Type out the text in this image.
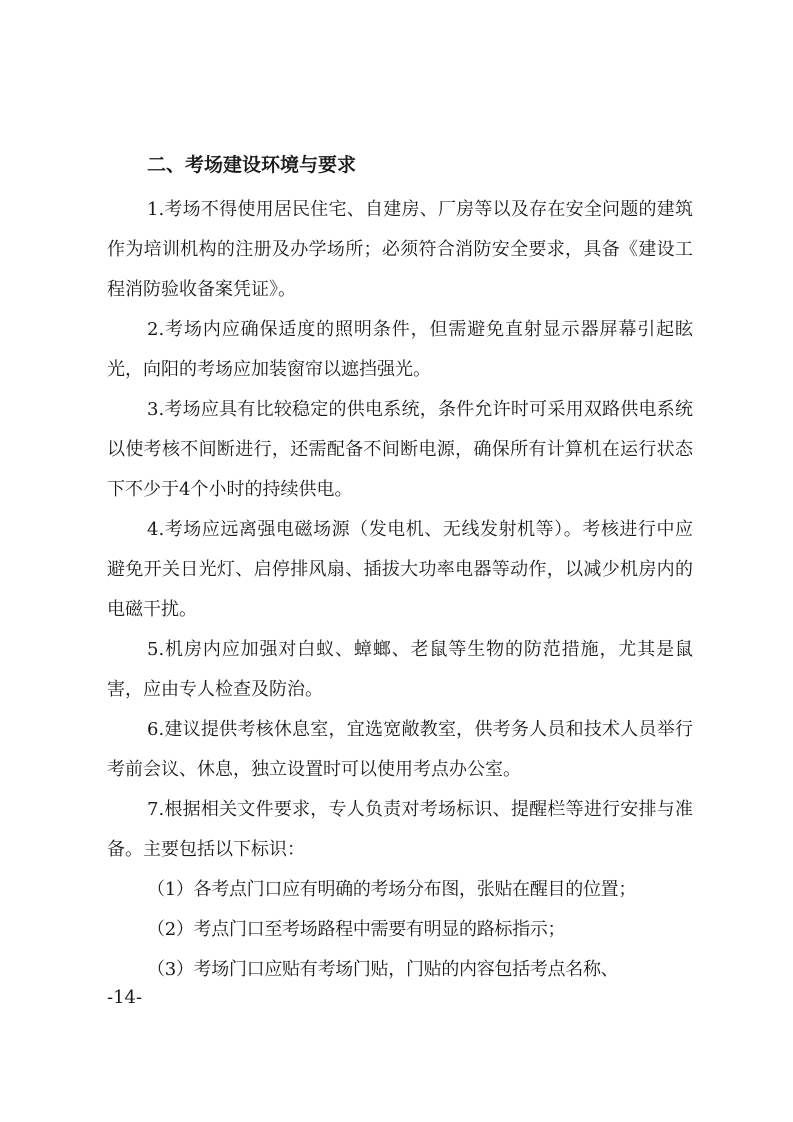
二、考场建设环境与要求

1.考场不得使用居民住宅、自建房、厂房等以及存在安全问题的建筑作为培训机构的注册及办学场所；必须符合消防安全要求，具备《建设工程消防验收备案凭证》。

2.考场内应确保适度的照明条件，但需避免直射显示器屏幕引起眩光，向阳的考场应加装窗帘以遮挡强光。

3.考场应具有比较稳定的供电系统，条件允许时可采用双路供电系统以使考核不间断进行，还需配备不间断电源，确保所有计算机在运行状态下不少于4个小时的持续供电。

4.考场应远离强电磁场源（发电机、无线发射机等）。考核进行中应避免开关日光灯、启停排风扇、插拔大功率电器等动作，以减少机房内的电磁干扰。

5.机房内应加强对白蚁、蟑螂、老鼠等生物的防范措施，尤其是鼠害，应由专人检查及防治。

6.建议提供考核休息室，宜选宽敞教室，供考务人员和技术人员举行考前会议、休息，独立设置时可以使用考点办公室。

7.根据相关文件要求，专人负责对考场标识、提醒栏等进行安排与准备。主要包括以下标识：

（1）各考点门口应有明确的考场分布图，张贴在醒目的位置；

（2）考点门口至考场路程中需要有明显的路标指示；

（3）考场门口应贴有考场门贴，门贴的内容包括考点名称、

-14-
